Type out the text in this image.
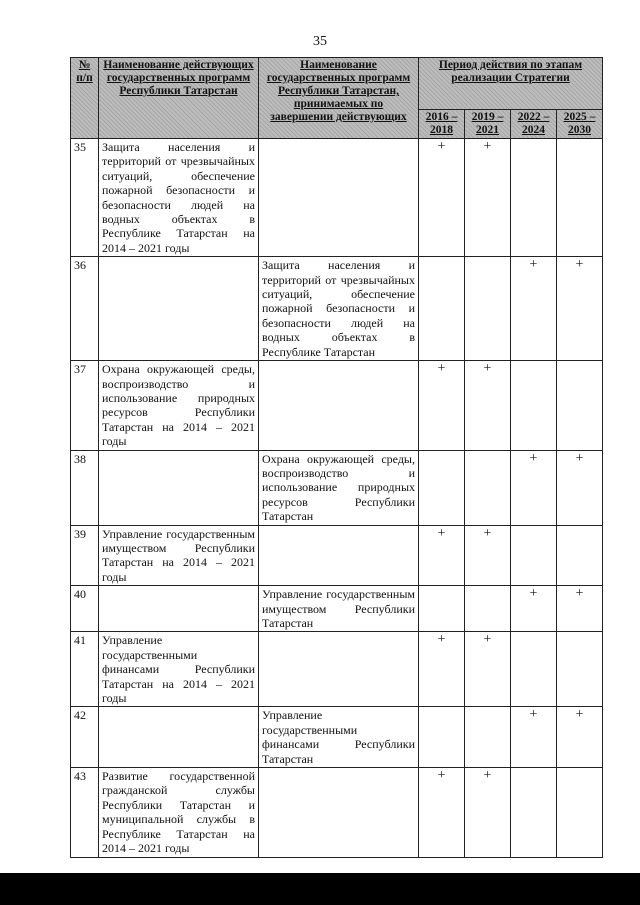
35
№ п/п	Наименование действующих государственных программ Республики Татарстан	Наименование государственных программ Республики Татарстан, принимаемых по завершении действующих	Период действия по этапам реализации Стратегии			
			2016 – 2018	2019 – 2021	2022 – 2024	2025 – 2030
35	Защита населения и территорий от чрезвычайных ситуаций, обеспечение пожарной безопасности и безопасности людей на водных объектах в Республике Татарстан на 2014 – 2021 годы		+	+		
36		Защита населения и территорий от чрезвычайных ситуаций, обеспечение пожарной безопасности и безопасности людей на водных объектах в Республике Татарстан			+	+
37	Охрана окружающей среды, воспроизводство и использование природных ресурсов Республики Татарстан на 2014 – 2021 годы		+	+		
38		Охрана окружающей среды, воспроизводство и использование природных ресурсов Республики Татарстан			+	+
39	Управление государственным имуществом Республики Татарстан на 2014 – 2021 годы		+	+		
40		Управление государственным имуществом Республики Татарстан			+	+
41	Управление государственными финансами Республики Татарстан на 2014 – 2021 годы		+	+		
42		Управление государственными финансами Республики Татарстан			+	+
43	Развитие государственной гражданской службы Республики Татарстан и муниципальной службы в Республике Татарстан на 2014 – 2021 годы		+	+		
